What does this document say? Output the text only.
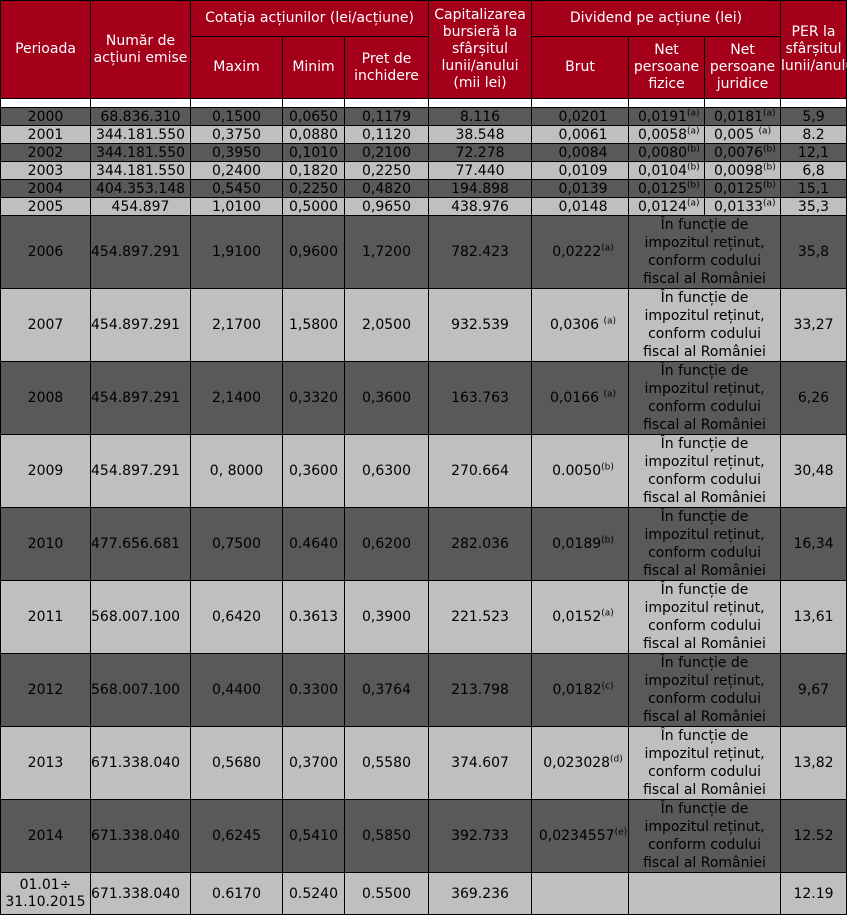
Perioada	Număr de acțiuni emise	Cotația acțiunilor (lei/acțiune)			Capitalizarea bursieră la sfârșitul lunii/anului (mii lei)	Dividend pe acțiune (lei)			PER la sfârșitul lunii/anului
		Maxim	Minim	Pret de inchidere		Brut	Net persoane fizice	Net persoane juridice	

2000	68.836.310	0,1500	0,0650	0,1179	8.116	0,0201	0,0191$^{(a)}$	0,0181$^{(a)}$	5,9
2001	344.181.550	0,3750	0,0880	0,1120	38.548	0,0061	0,0058$^{(a)}$	0,005 $^{(a)}$	8.2
2002	344.181.550	0,3950	0,1010	0,2100	72.278	0,0084	0,0080$^{(b)}$	0,0076$^{(b)}$	12,1
2003	344.181.550	0,2400	0,1820	0,2250	77.440	0,0109	0,0104$^{(b)}$	0,0098$^{(b)}$	6,8
2004	404.353.148	0,5450	0,2250	0,4820	194.898	0,0139	0,0125$^{(b)}$	0,0125$^{(b)}$	15,1
2005	454.897	1,0100	0,5000	0,9650	438.976	0,0148	0,0124$^{(a)}$	0,0133$^{(a)}$	35,3
2006	454.897.291	1,9100	0,9600	1,7200	782.423	0,0222$^{(a)}$	În funcție de impozitul reținut, conform codului fiscal al României		35,8
2007	454.897.291	2,1700	1,5800	2,0500	932.539	0,0306 $^{(a)}$	În funcție de impozitul reținut, conform codului fiscal al României		33,27
2008	454.897.291	2,1400	0,3320	0,3600	163.763	0,0166 $^{(a)}$	În funcție de impozitul reținut, conform codului fiscal al României		6,26
2009	454.897.291	0, 8000	0,3600	0,6300	270.664	0.0050$^{(b)}$	În funcție de impozitul reținut, conform codului fiscal al României		30,48
2010	477.656.681	0,7500	0.4640	0,6200	282.036	0,0189$^{(b)}$	În funcție de impozitul reținut, conform codului fiscal al României		16,34
2011	568.007.100	0,6420	0.3613	0,3900	221.523	0,0152$^{(a)}$	În funcție de impozitul reținut, conform codului fiscal al României		13,61
2012	568.007.100	0,4400	0.3300	0,3764	213.798	0,0182$^{(c)}$	În funcție de impozitul reținut, conform codului fiscal al României		9,67
2013	671.338.040	0,5680	0,3700	0,5580	374.607	0,023028$^{(d)}$	În funcție de impozitul reținut, conform codului fiscal al României		13,82
2014	671.338.040	0,6245	0,5410	0,5850	392.733	0,0234557$^{(e)}$	În funcție de impozitul reținut, conform codului fiscal al României		12.52

01.01÷
31.10.2015	671.338.040	0.6170	0.5240	0.5500	369.236				12.19
